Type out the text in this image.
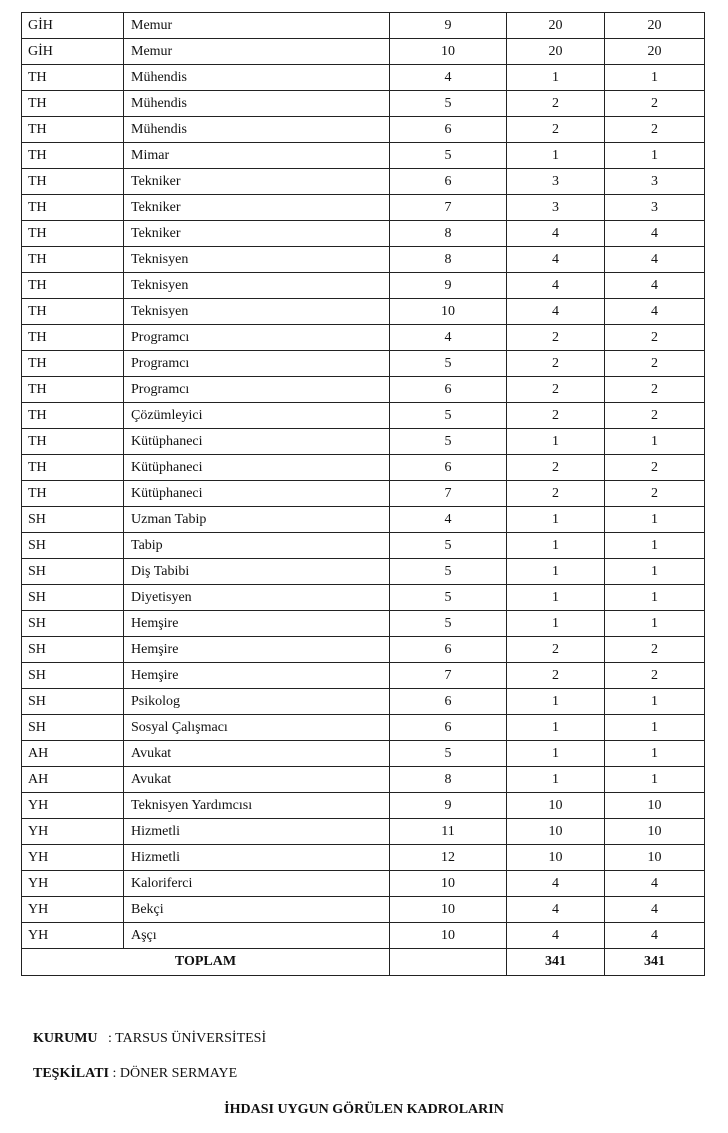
GİH	Memur	9	20	20
GİH	Memur	10	20	20
TH	Mühendis	4	1	1
TH	Mühendis	5	2	2
TH	Mühendis	6	2	2
TH	Mimar	5	1	1
TH	Tekniker	6	3	3
TH	Tekniker	7	3	3
TH	Tekniker	8	4	4
TH	Teknisyen	8	4	4
TH	Teknisyen	9	4	4
TH	Teknisyen	10	4	4
TH	Programcı	4	2	2
TH	Programcı	5	2	2
TH	Programcı	6	2	2
TH	Çözümleyici	5	2	2
TH	Kütüphaneci	5	1	1
TH	Kütüphaneci	6	2	2
TH	Kütüphaneci	7	2	2
SH	Uzman Tabip	4	1	1
SH	Tabip	5	1	1
SH	Diş Tabibi	5	1	1
SH	Diyetisyen	5	1	1
SH	Hemşire	5	1	1
SH	Hemşire	6	2	2
SH	Hemşire	7	2	2
SH	Psikolog	6	1	1
SH	Sosyal Çalışmacı	6	1	1
AH	Avukat	5	1	1
AH	Avukat	8	1	1
YH	Teknisyen Yardımcısı	9	10	10
YH	Hizmetli	11	10	10
YH	Hizmetli	12	10	10
YH	Kaloriferci	10	4	4
YH	Bekçi	10	4	4
YH	Aşçı	10	4	4
TOPLAM			341	341
KURUMU : TARSUS ÜNİVERSİTESİ
TEŞKİLATI : DÖNER SERMAYE
İHDASI UYGUN GÖRÜLEN KADROLARIN
